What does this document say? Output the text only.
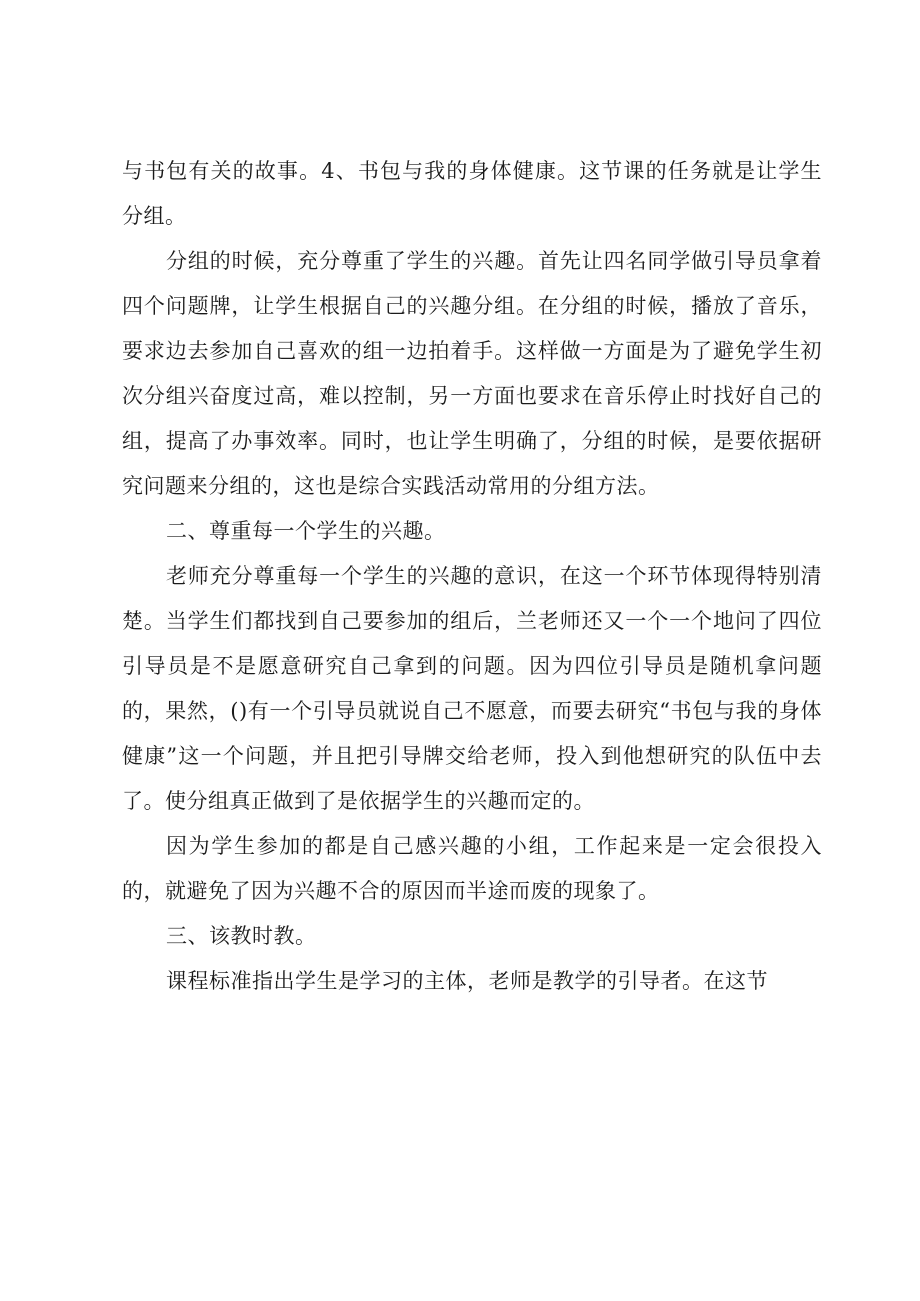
与书包有关的故事。4、书包与我的身体健康。这节课的任务就是让学生分组。

分组的时候，充分尊重了学生的兴趣。首先让四名同学做引导员拿着四个问题牌，让学生根据自己的兴趣分组。在分组的时候，播放了音乐，要求边去参加自己喜欢的组一边拍着手。这样做一方面是为了避免学生初次分组兴奋度过高，难以控制，另一方面也要求在音乐停止时找好自己的组，提高了办事效率。同时，也让学生明确了，分组的时候，是要依据研究问题来分组的，这也是综合实践活动常用的分组方法。

二、尊重每一个学生的兴趣。

老师充分尊重每一个学生的兴趣的意识，在这一个环节体现得特别清楚。当学生们都找到自己要参加的组后，兰老师还又一个一个地问了四位引导员是不是愿意研究自己拿到的问题。因为四位引导员是随机拿问题的，果然，()有一个引导员就说自己不愿意，而要去研究“书包与我的身体健康”这一个问题，并且把引导牌交给老师，投入到他想研究的队伍中去了。使分组真正做到了是依据学生的兴趣而定的。

因为学生参加的都是自己感兴趣的小组，工作起来是一定会很投入的，就避免了因为兴趣不合的原因而半途而废的现象了。

三、该教时教。

课程标准指出学生是学习的主体，老师是教学的引导者。在这节
